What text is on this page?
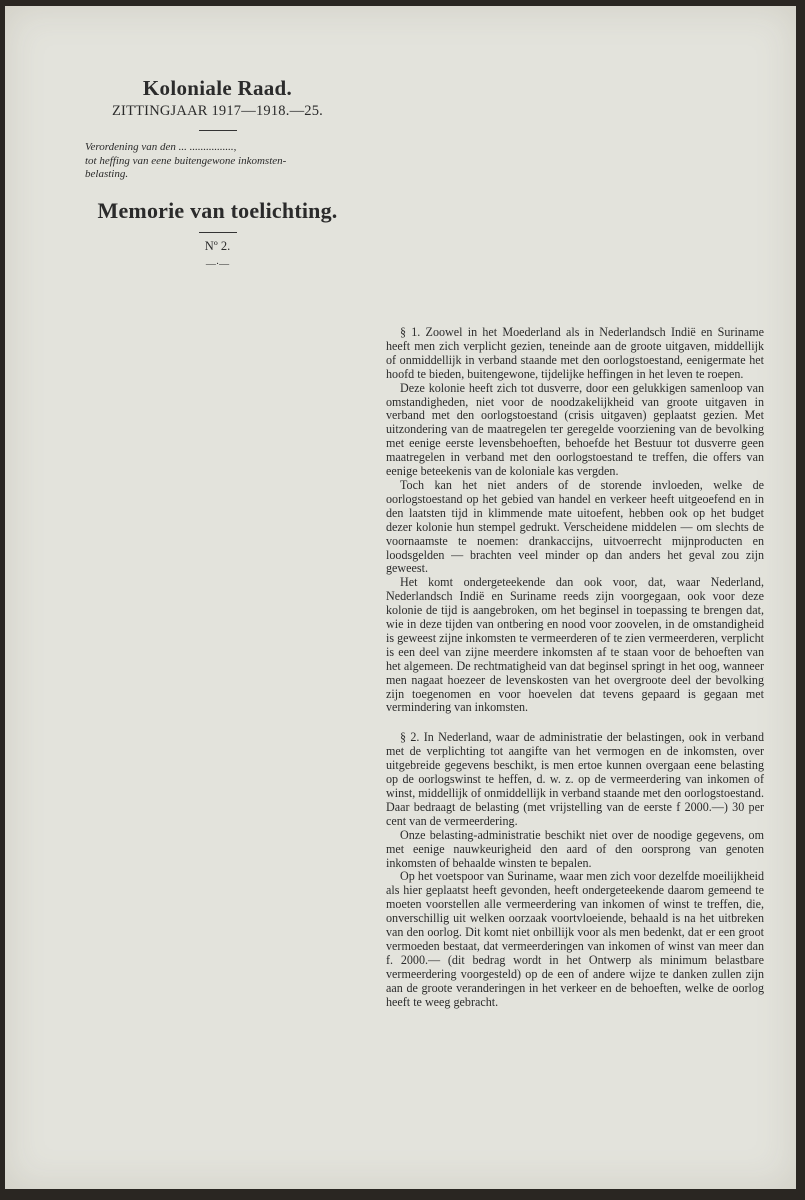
Koloniale Raad.
ZITTINGJAAR 1917—1918.—25.
Verordening van den ... ................,
tot heffing van eene buitengewone inkomsten-
belasting.
Memorie van toelichting.
Nº 2.
—·—

§ 1. Zoowel in het Moederland als in Nederlandsch Indië en Suriname heeft men zich verplicht gezien, teneinde aan de groote uitgaven, middellijk of onmiddellijk in verband staande met den oorlogstoestand, eenigermate het hoofd te bieden, buitengewone, tijdelijke heffingen in het leven te roepen.

Deze kolonie heeft zich tot dusverre, door een gelukkigen samenloop van omstandigheden, niet voor de noodzakelijkheid van groote uitgaven in verband met den oorlogstoestand (crisis uitgaven) geplaatst gezien. Met uitzondering van de maatregelen ter geregelde voorziening van de bevolking met eenige eerste levensbehoeften, behoefde het Bestuur tot dusverre geen maatregelen in verband met den oorlogstoestand te treffen, die offers van eenige beteekenis van de koloniale kas vergden.

Toch kan het niet anders of de storende invloeden, welke de oorlogstoestand op het gebied van handel en verkeer heeft uitgeoefend en in den laatsten tijd in klimmende mate uitoefent, hebben ook op het budget dezer kolonie hun stempel gedrukt. Verscheidene middelen — om slechts de voornaamste te noemen: drankaccijns, uitvoerrecht mijnproducten en loodsgelden — brachten veel minder op dan anders het geval zou zijn geweest.

Het komt ondergeteekende dan ook voor, dat, waar Nederland, Nederlandsch Indië en Suriname reeds zijn voorgegaan, ook voor deze kolonie de tijd is aangebroken, om het beginsel in toepassing te brengen dat, wie in deze tijden van ontbering en nood voor zoovelen, in de omstandigheid is geweest zijne inkomsten te vermeerderen of te zien vermeerderen, verplicht is een deel van zijne meerdere inkomsten af te staan voor de behoeften van het algemeen. De rechtmatigheid van dat beginsel springt in het oog, wanneer men nagaat hoezeer de levenskosten van het overgroote deel der bevolking zijn toegenomen en voor hoevelen dat tevens gepaard is gegaan met vermindering van inkomsten.

§ 2. In Nederland, waar de administratie der belastingen, ook in verband met de verplichting tot aangifte van het vermogen en de inkomsten, over uitgebreide gegevens beschikt, is men ertoe kunnen overgaan eene belasting op de oorlogswinst te heffen, d. w. z. op de vermeerdering van inkomen of winst, middellijk of onmiddellijk in verband staande met den oorlogstoestand. Daar bedraagt de belasting (met vrijstelling van de eerste f 2000.—) 30 per cent van de vermeerdering.

Onze belasting-administratie beschikt niet over de noodige gegevens, om met eenige nauwkeurigheid den aard of den oorsprong van genoten inkomsten of behaalde winsten te bepalen.

Op het voetspoor van Suriname, waar men zich voor dezelfde moeilijkheid als hier geplaatst heeft gevonden, heeft ondergeteekende daarom gemeend te moeten voorstellen alle vermeerdering van inkomen of winst te treffen, die, onverschillig uit welken oorzaak voortvloeiende, behaald is na het uitbreken van den oorlog. Dit komt niet onbillijk voor als men bedenkt, dat er een groot vermoeden bestaat, dat vermeerderingen van inkomen of winst van meer dan f. 2000.— (dit bedrag wordt in het Ontwerp als minimum belastbare vermeerdering voorgesteld) op de een of andere wijze te danken zullen zijn aan de groote veranderingen in het verkeer en de behoeften, welke de oorlog heeft te weeg gebracht.
